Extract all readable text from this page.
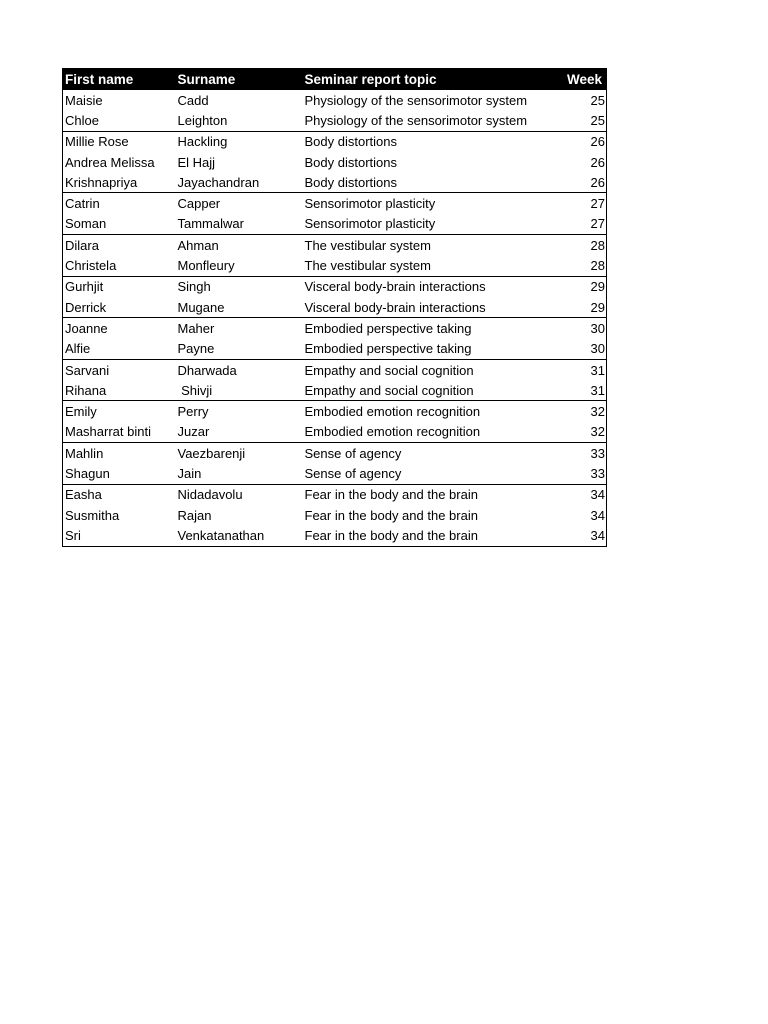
First name	Surname	Seminar report topic	Week
Maisie	Cadd	Physiology of the sensorimotor system	25
Chloe	Leighton	Physiology of the sensorimotor system	25
Millie Rose	Hackling	Body distortions	26
Andrea Melissa	El Hajj	Body distortions	26
Krishnapriya	Jayachandran	Body distortions	26
Catrin	Capper	Sensorimotor plasticity	27
Soman	Tammalwar	Sensorimotor plasticity	27
Dilara	Ahman	The vestibular system	28
Christela	Monfleury	The vestibular system	28
Gurhjit	Singh	Visceral body-brain interactions	29
Derrick	Mugane	Visceral body-brain interactions	29
Joanne	Maher	Embodied perspective taking	30
Alfie	Payne	Embodied perspective taking	30
Sarvani	Dharwada	Empathy and social cognition	31
Rihana	Shivji	Empathy and social cognition	31
Emily	Perry	Embodied emotion recognition	32
Masharrat binti	Juzar	Embodied emotion recognition	32
Mahlin	Vaezbarenji	Sense of agency	33
Shagun	Jain	Sense of agency	33
Easha	Nidadavolu	Fear in the body and the brain	34
Susmitha	Rajan	Fear in the body and the brain	34
Sri	Venkatanathan	Fear in the body and the brain	34
